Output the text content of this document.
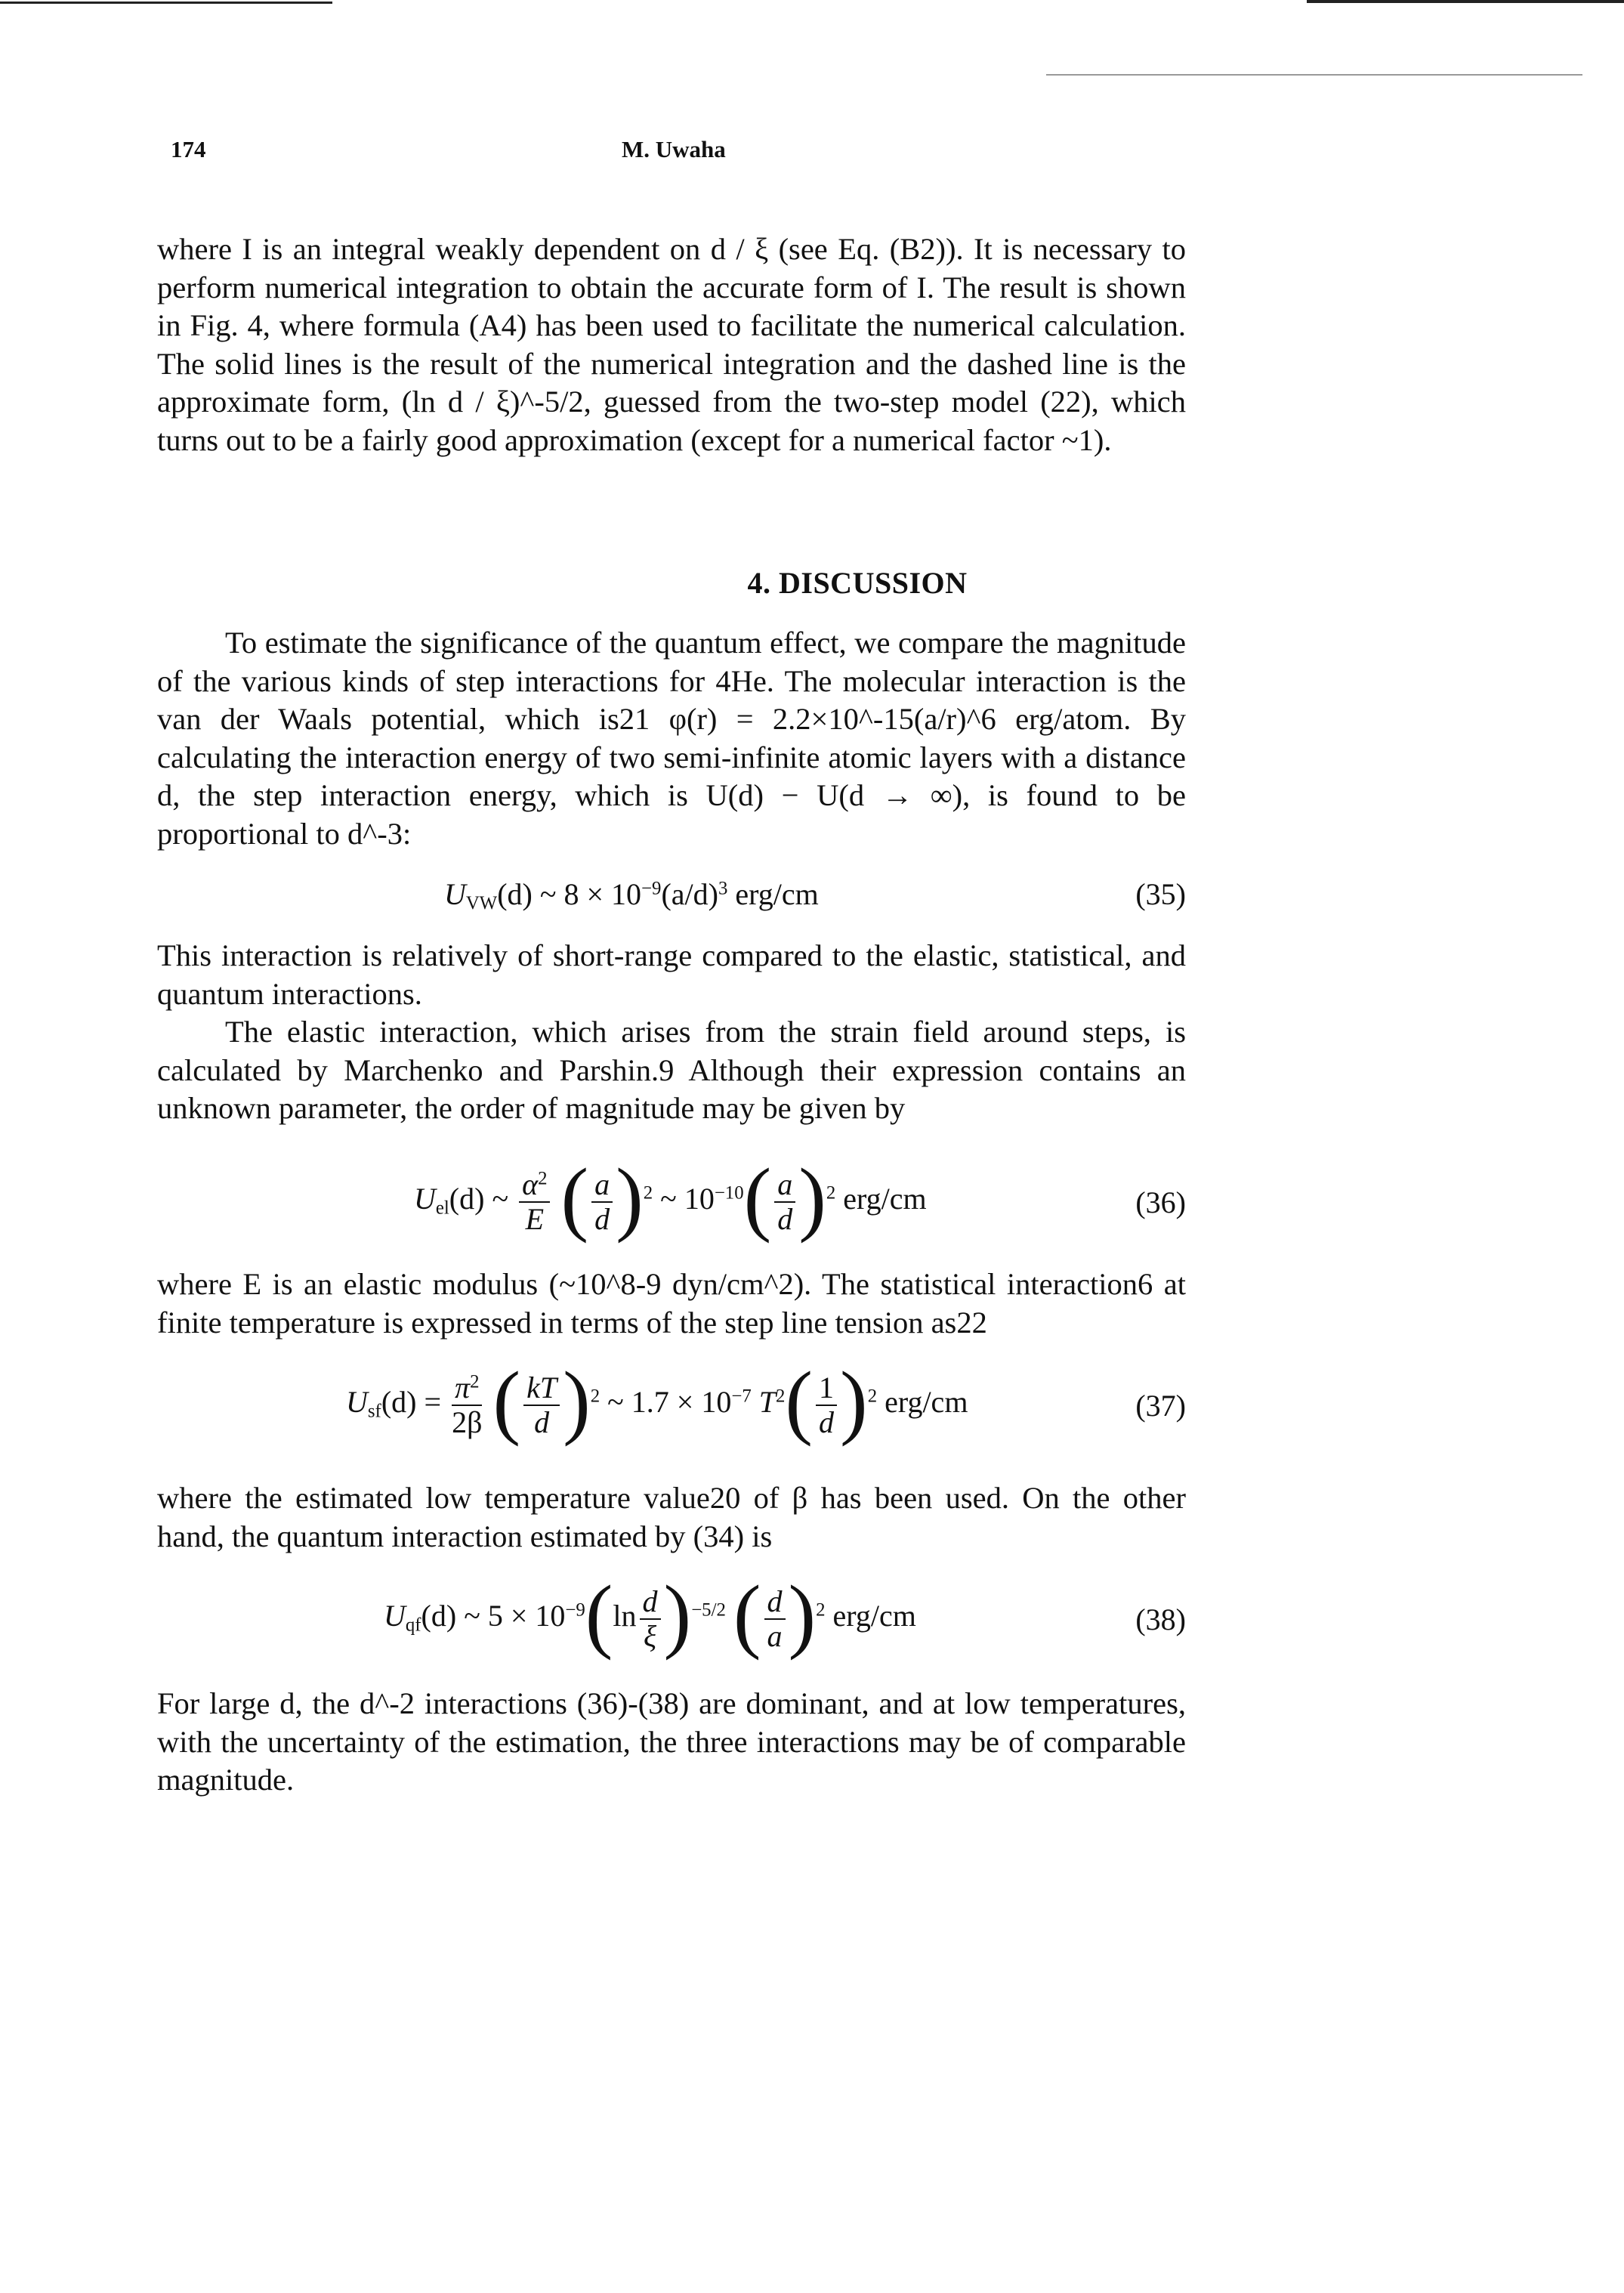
174	M. Uwaha

where I is an integral weakly dependent on d / ξ (see Eq. (B2)). It is necessary to perform numerical integration to obtain the accurate form of I. The result is shown in Fig. 4, where formula (A4) has been used to facilitate the numerical calculation. The solid lines is the result of the numerical integration and the dashed line is the approximate form, (ln d / ξ)^-5/2, guessed from the two-step model (22), which turns out to be a fairly good approximation (except for a numerical factor ~1).

4. DISCUSSION

To estimate the significance of the quantum effect, we compare the magnitude of the various kinds of step interactions for 4He. The molecular interaction is the van der Waals potential, which is21 φ(r) = 2.2×10^-15(a/r)^6 erg/atom. By calculating the interaction energy of two semi-infinite atomic layers with a distance d, the step interaction energy, which is U(d) − U(d → ∞), is found to be proportional to d^-3:

$U_{VW}(d)$ ~ $8 \times 10^{-9}(a/d)^3$ erg/cm	(35)

This interaction is relatively of short-range compared to the elastic, statistical, and quantum interactions.

The elastic interaction, which arises from the strain field around steps, is calculated by Marchenko and Parshin.9 Although their expression contains an unknown parameter, the order of magnitude may be given by

$U_{el}(d)$ ~ $\frac{\alpha^2}{E}$ ( $\frac{a}{d} )^2$ ~ $10^{-10}( \frac{a}{d} )^2$ erg/cm	(36)

where E is an elastic modulus (~10^8-9 dyn/cm^2). The statistical interaction6 at finite temperature is expressed in terms of the step line tension as22

$U_{sf}(d) = \frac{\pi^2}{2\beta}$ ( $\frac{kT}{d} )^2$ ~ $1.7 \times 10^{-7}$ $T^2( \frac{1}{d} )^2$ erg/cm	(37)

where the estimated low temperature value20 of β has been used. On the other hand, the quantum interaction estimated by (34) is

$U_{qf}(d)$ ~ $5 \times 10^{-9}(\ln \frac{d}{\xi} )^{-5/2}$ ( $\frac{d}{a} )^2$ erg/cm	(38)

For large d, the d^-2 interactions (36)-(38) are dominant, and at low temperatures, with the uncertainty of the estimation, the three interactions may be of comparable magnitude.
